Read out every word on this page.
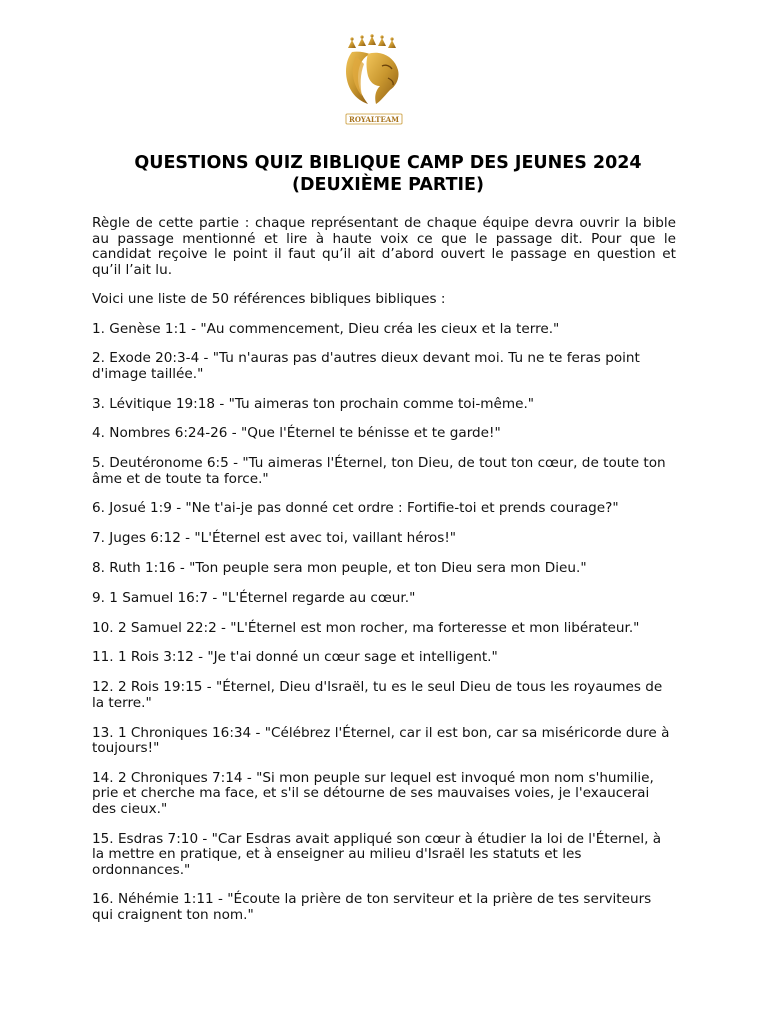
ROYALTEAM
QUESTIONS QUIZ BIBLIQUE CAMP DES JEUNES 2024
(DEUXIÈME PARTIE)

Règle de cette partie : chaque représentant de chaque équipe devra ouvrir la bible au passage mentionné et lire à haute voix ce que le passage dit. Pour que le candidat reçoive le point il faut qu’il ait d’abord ouvert le passage en question et qu’il l’ait lu.

Voici une liste de 50 références bibliques bibliques :

1. Genèse 1:1 - "Au commencement, Dieu créa les cieux et la terre."
2. Exode 20:3-4 - "Tu n'auras pas d'autres dieux devant moi. Tu ne te feras point d'image taillée."
3. Lévitique 19:18 - "Tu aimeras ton prochain comme toi-même."
4. Nombres 6:24-26 - "Que l'Éternel te bénisse et te garde!"
5. Deutéronome 6:5 - "Tu aimeras l'Éternel, ton Dieu, de tout ton cœur, de toute ton âme et de toute ta force."
6. Josué 1:9 - "Ne t'ai-je pas donné cet ordre : Fortifie-toi et prends courage?"
7. Juges 6:12 - "L'Éternel est avec toi, vaillant héros!"
8. Ruth 1:16 - "Ton peuple sera mon peuple, et ton Dieu sera mon Dieu."
9. 1 Samuel 16:7 - "L'Éternel regarde au cœur."
10. 2 Samuel 22:2 - "L'Éternel est mon rocher, ma forteresse et mon libérateur."
11. 1 Rois 3:12 - "Je t'ai donné un cœur sage et intelligent."
12. 2 Rois 19:15 - "Éternel, Dieu d'Israël, tu es le seul Dieu de tous les royaumes de la terre."
13. 1 Chroniques 16:34 - "Célébrez l'Éternel, car il est bon, car sa miséricorde dure à toujours!"
14. 2 Chroniques 7:14 - "Si mon peuple sur lequel est invoqué mon nom s'humilie, prie et cherche ma face, et s'il se détourne de ses mauvaises voies, je l'exaucerai des cieux."
15. Esdras 7:10 - "Car Esdras avait appliqué son cœur à étudier la loi de l'Éternel, à la mettre en pratique, et à enseigner au milieu d'Israël les statuts et les ordonnances."
16. Néhémie 1:11 - "Écoute la prière de ton serviteur et la prière de tes serviteurs qui craignent ton nom."
